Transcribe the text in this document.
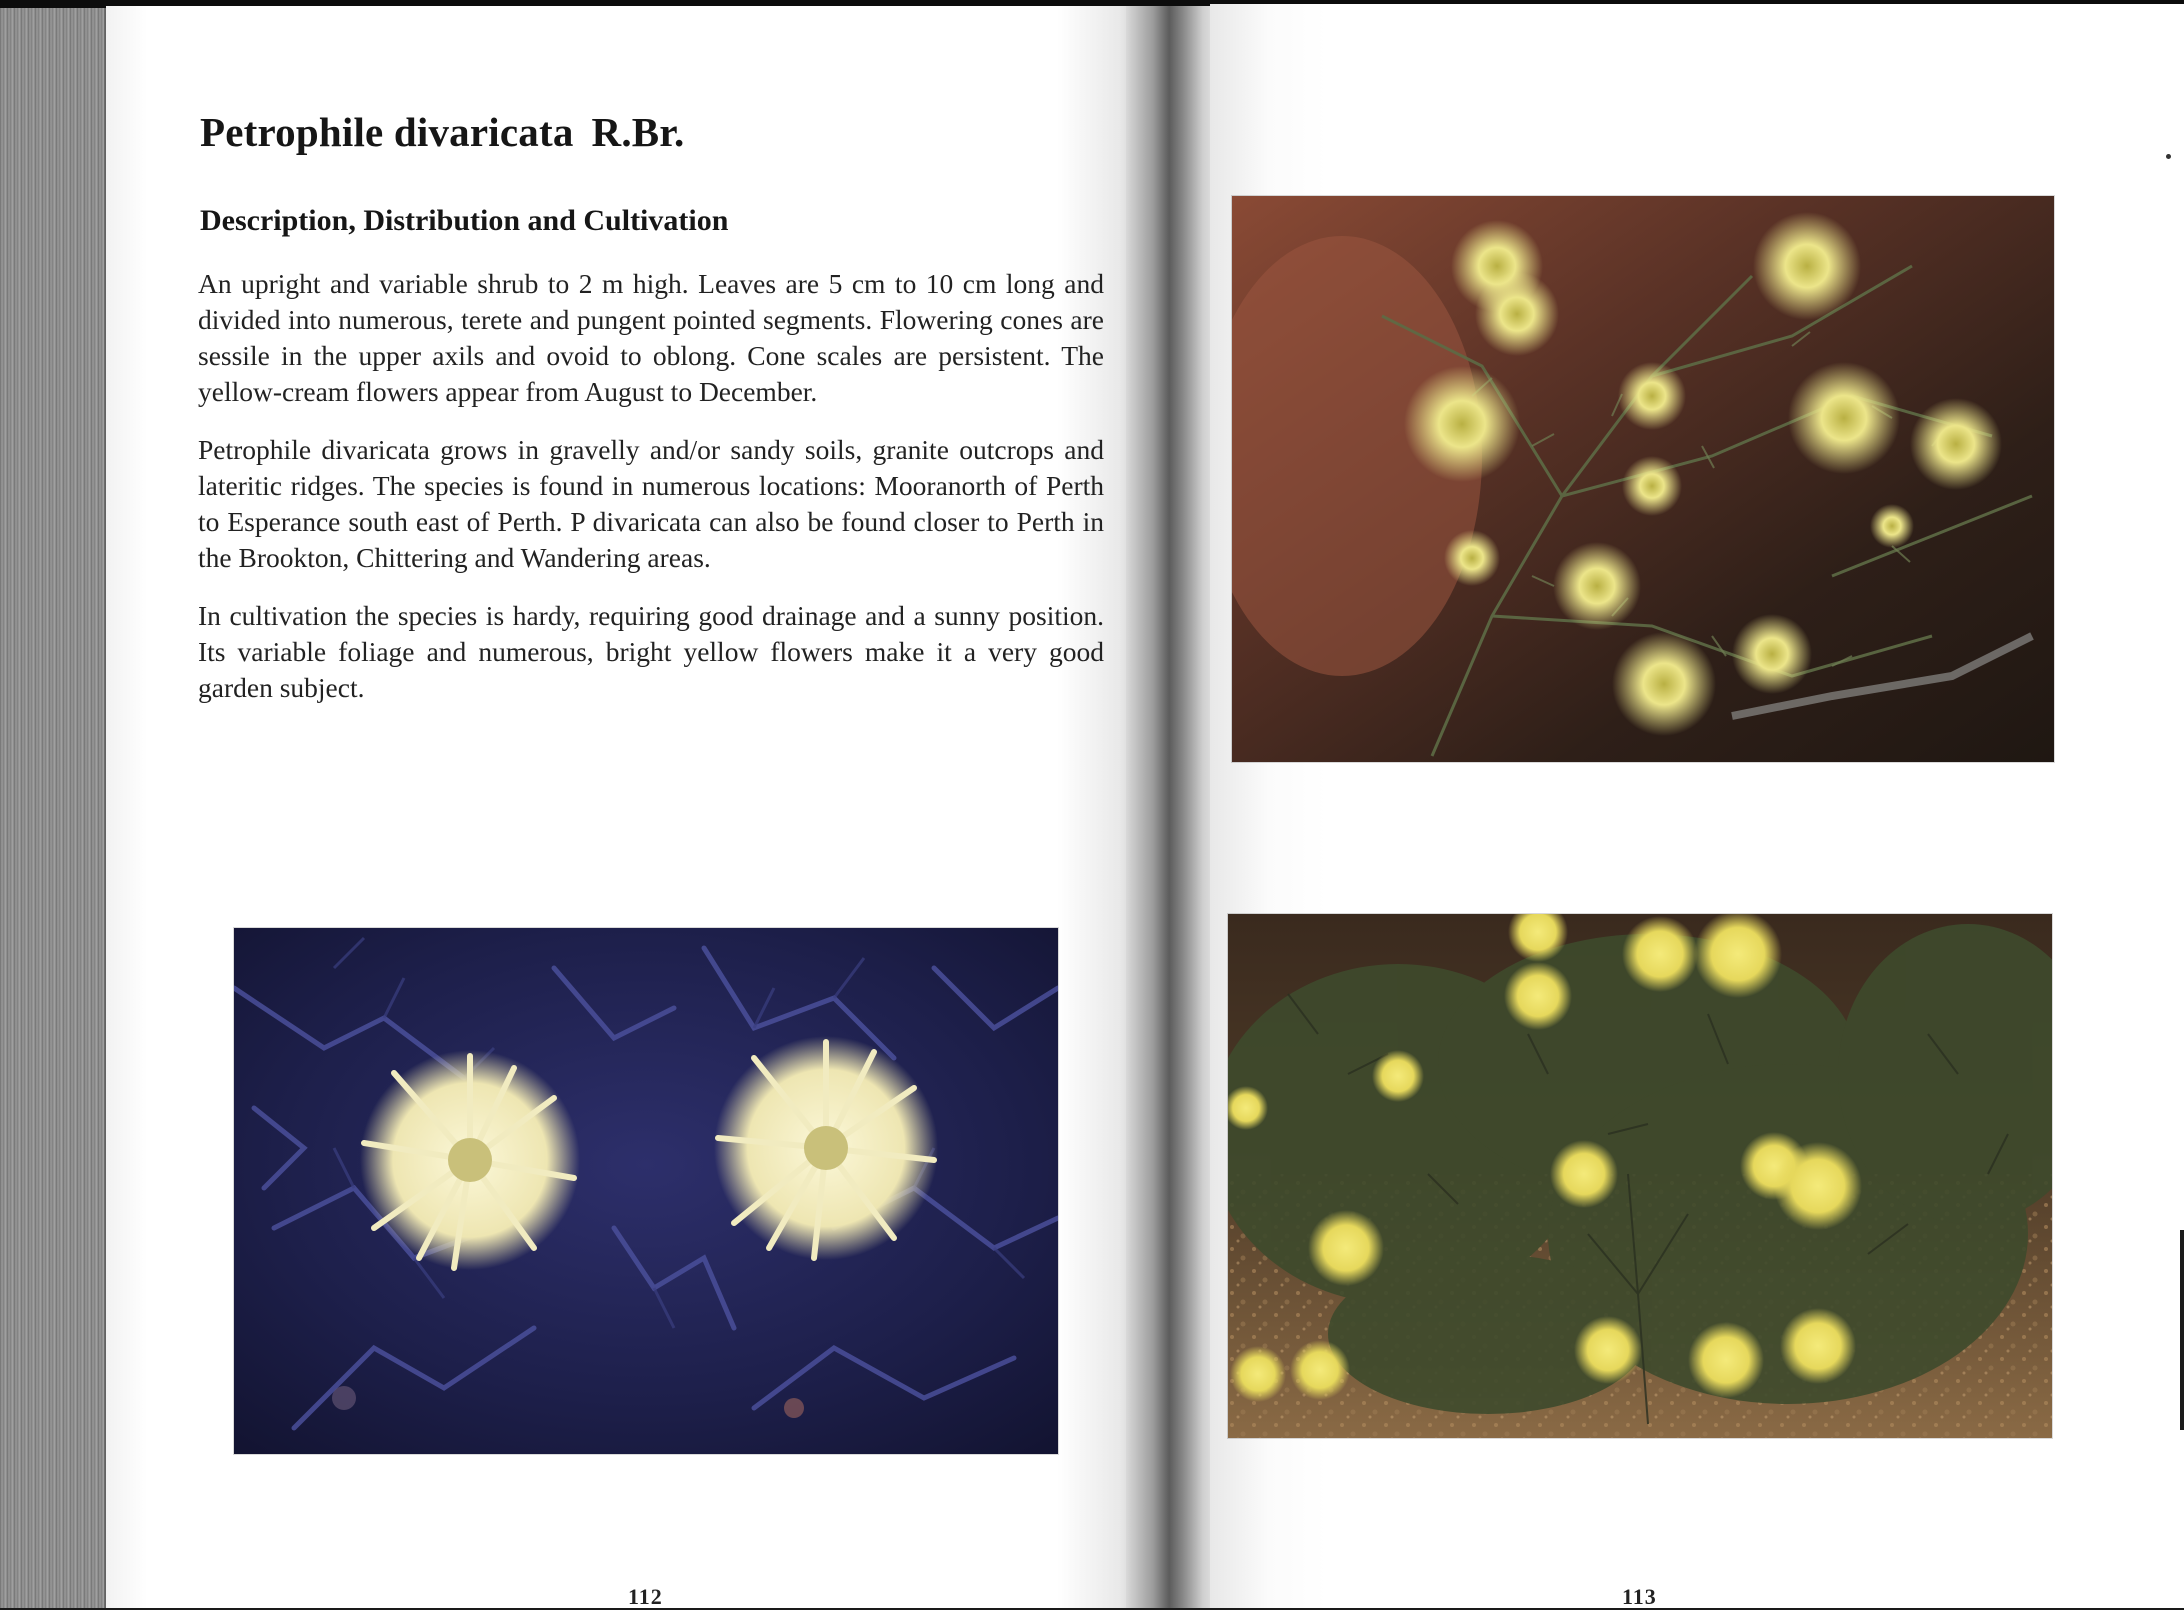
Petrophile divaricata R.Br.
Description, Distribution and Cultivation

An upright and variable shrub to 2 m high. Leaves are 5 cm to 10 cm long and divided into numerous, terete and pungent pointed segments. Flowering cones are sessile in the upper axils and ovoid to oblong. Cone scales are persistent. The yellow-cream flowers appear from August to December.

Petrophile divaricata grows in gravelly and/or sandy soils, granite outcrops and lateritic ridges. The species is found in numerous locations: Mooranorth of Perth to Esperance south east of Perth. P divaricata can also be found closer to Perth in the Brookton, Chittering and Wandering areas.

In cultivation the species is hardy, requiring good drainage and a sunny position. Its variable foliage and numerous, bright yellow flowers make it a very good garden subject.

112	113
